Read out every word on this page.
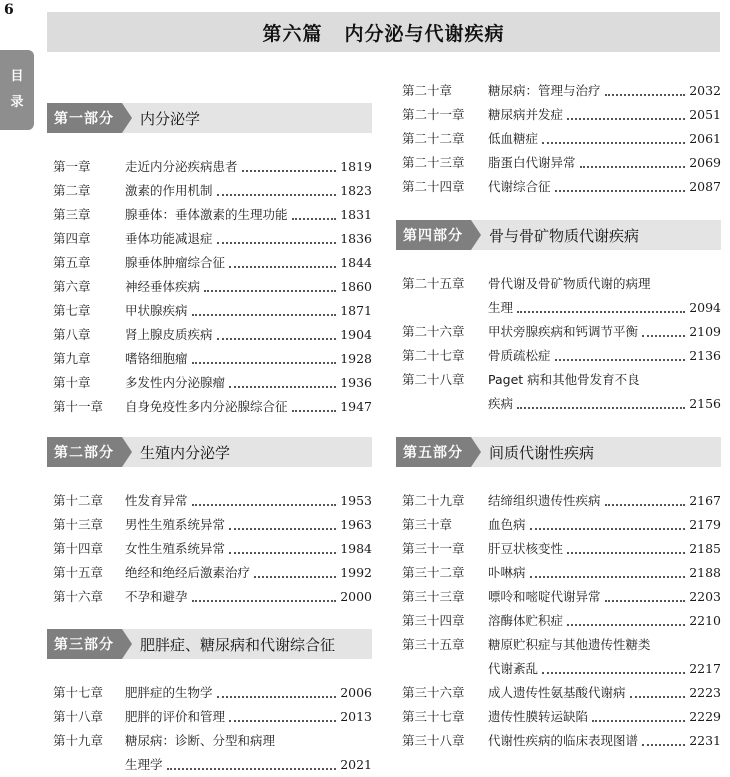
6
目
录
第六篇 内分泌与代谢疾病
第一部分	内分泌学
第一章	走近内分泌疾病患者	1819
第二章	激素的作用机制	1823
第三章	腺垂体：垂体激素的生理功能	1831
第四章	垂体功能减退症	1836
第五章	腺垂体肿瘤综合征	1844
第六章	神经垂体疾病	1860
第七章	甲状腺疾病	1871
第八章	肾上腺皮质疾病	1904
第九章	嗜铬细胞瘤	1928
第十章	多发性内分泌腺瘤	1936
第十一章	自身免疫性多内分泌腺综合征	1947
第二部分	生殖内分泌学
第十二章	性发育异常	1953
第十三章	男性生殖系统异常	1963
第十四章	女性生殖系统异常	1984
第十五章	绝经和绝经后激素治疗	1992
第十六章	不孕和避孕	2000
第三部分	肥胖症、糖尿病和代谢综合征
第十七章	肥胖症的生物学	2006
第十八章	肥胖的评价和管理	2013
第十九章	糖尿病：诊断、分型和病理
生理学	2021
第二十章	糖尿病：管理与治疗	2032
第二十一章	糖尿病并发症	2051
第二十二章	低血糖症	2061
第二十三章	脂蛋白代谢异常	2069
第二十四章	代谢综合征	2087
第四部分	骨与骨矿物质代谢疾病
第二十五章	骨代谢及骨矿物质代谢的病理
生理	2094
第二十六章	甲状旁腺疾病和钙调节平衡	2109
第二十七章	骨质疏松症	2136
第二十八章	Paget 病和其他骨发育不良
疾病	2156
第五部分	间质代谢性疾病
第二十九章	结缔组织遗传性疾病	2167
第三十章	血色病	2179
第三十一章	肝豆状核变性	2185
第三十二章	卟啉病	2188
第三十三章	嘌呤和嘧啶代谢异常	2203
第三十四章	溶酶体贮积症	2210
第三十五章	糖原贮积症与其他遗传性糖类
代谢紊乱	2217
第三十六章	成人遗传性氨基酸代谢病	2223
第三十七章	遗传性膜转运缺陷	2229
第三十八章	代谢性疾病的临床表现图谱	2231
